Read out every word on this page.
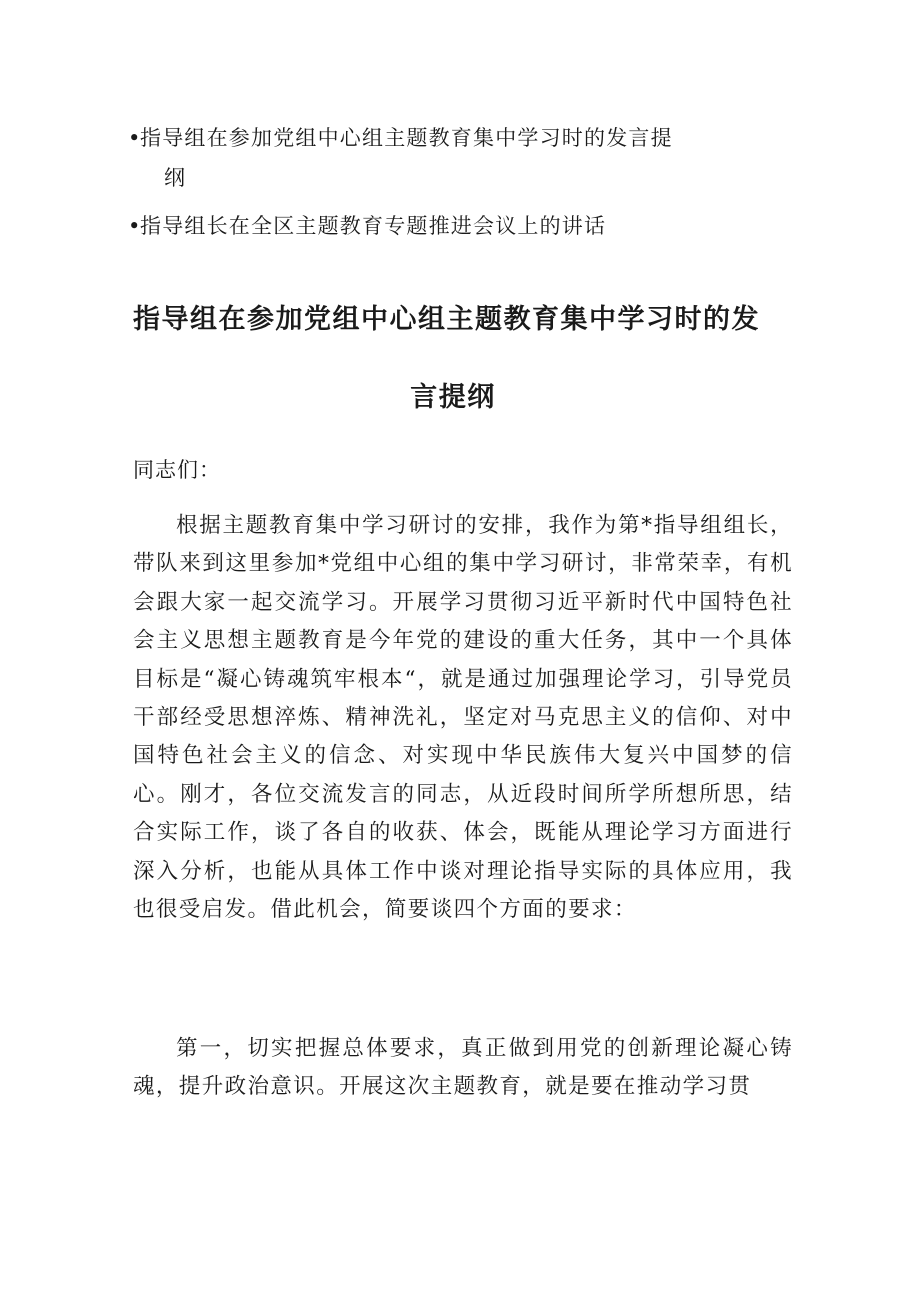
•
指导组在参加党组中心组主题教育集中学习时的发言提
纲
•
指导组长在全区主题教育专题推进会议上的讲话
指导组在参加党组中心组主题教育集中学习时的发
言提纲
同志们：

根据主题教育集中学习研讨的安排，我作为第*指导组组长，带队来到这里参加*党组中心组的集中学习研讨，非常荣幸，有机会跟大家一起交流学习。开展学习贯彻习近平新时代中国特色社会主义思想主题教育是今年党的建设的重大任务，其中一个具体目标是“凝心铸魂筑牢根本“，就是通过加强理论学习，引导党员干部经受思想淬炼、精神洗礼，坚定对马克思主义的信仰、对中国特色社会主义的信念、对实现中华民族伟大复兴中国梦的信心。刚才，各位交流发言的同志，从近段时间所学所想所思，结合实际工作，谈了各自的收获、体会，既能从理论学习方面进行深入分析，也能从具体工作中谈对理论指导实际的具体应用，我也很受启发。借此机会，简要谈四个方面的要求：

第一，切实把握总体要求，真正做到用党的创新理论凝心铸魂，提升政治意识。开展这次主题教育，就是要在推动学习贯
